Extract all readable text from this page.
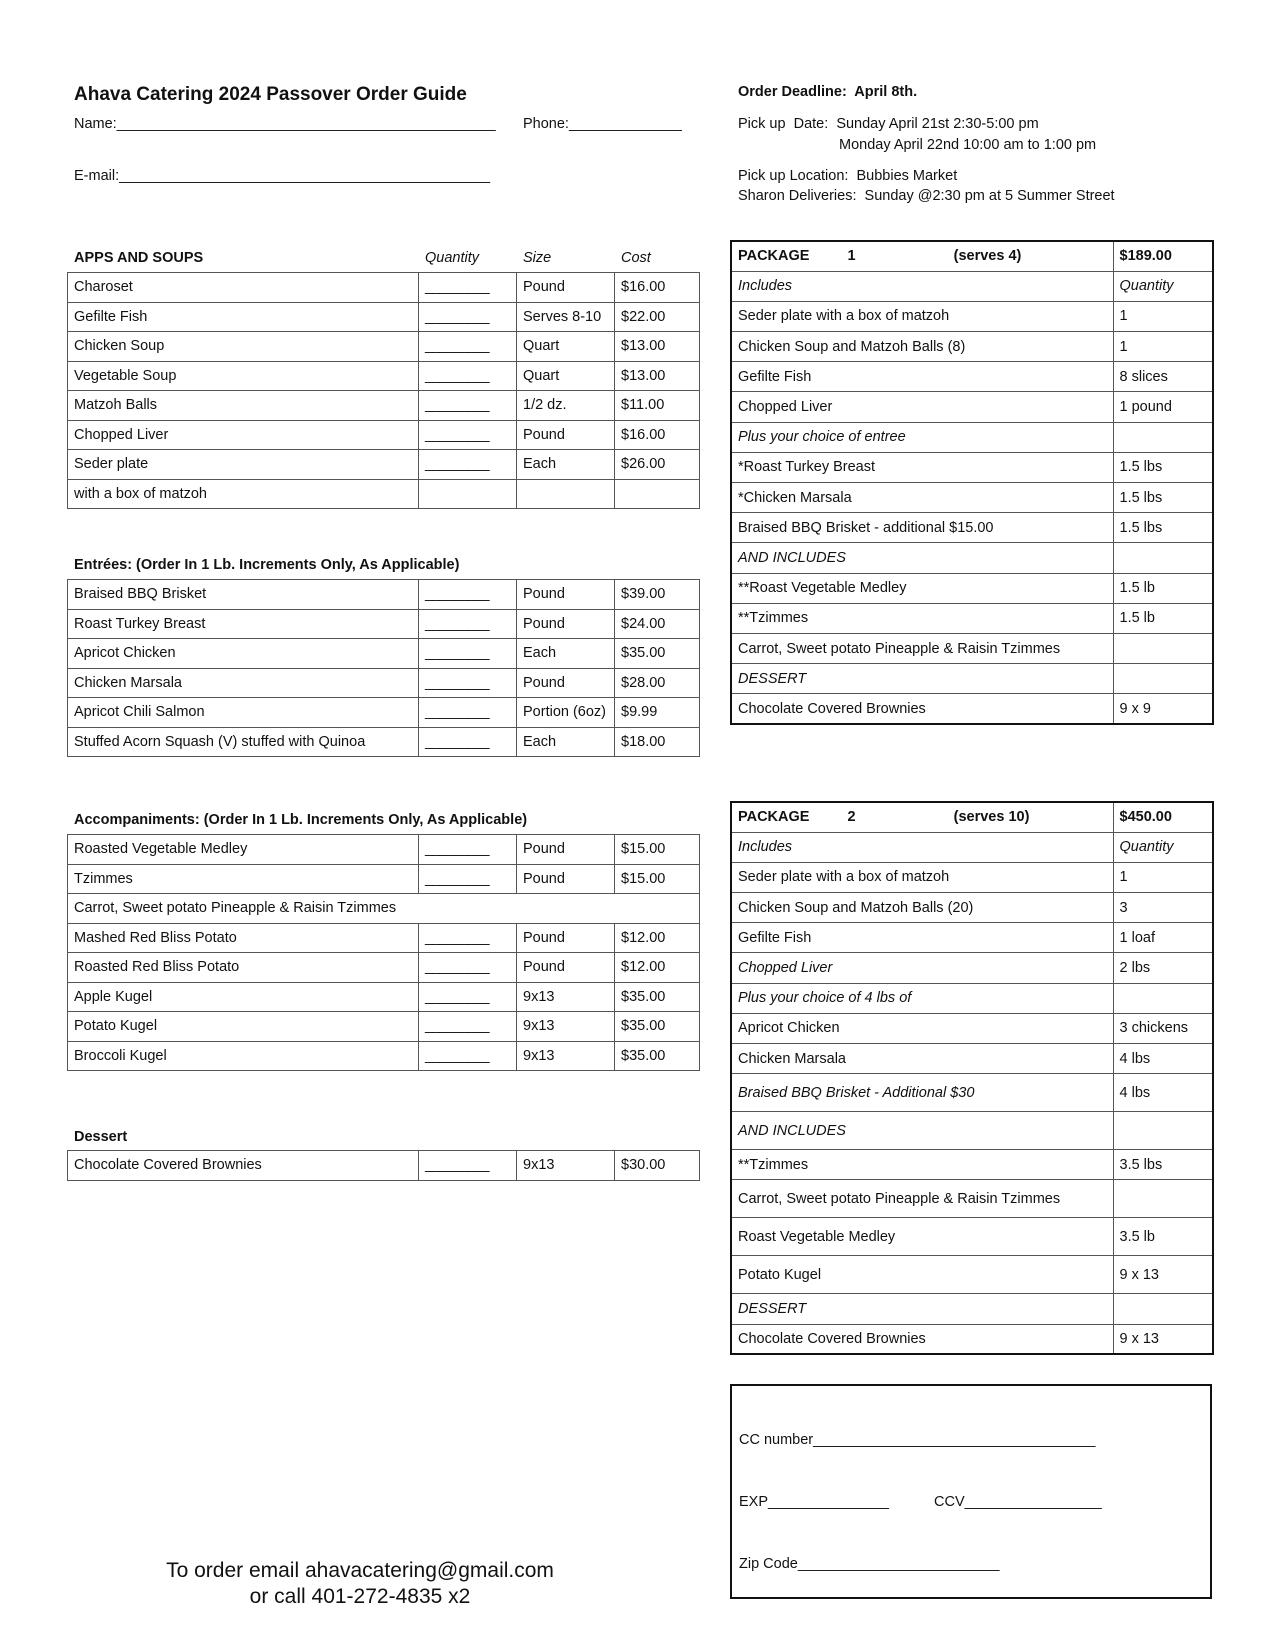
Ahava Catering 2024 Passover Order Guide
Name:_______________________________________________ Phone:______________
E-mail:______________________________________________
Order Deadline:  April 8th.
Pick up  Date:  Sunday April 21st 2:30-5:00 pm
Monday April 22nd 10:00 am to 1:00 pm
Pick up Location:  Bubbies Market
Sharon Deliveries:  Sunday @2:30 pm at 5 Summer Street
APPS AND SOUPS	Quantity	Size	Cost
Charoset	_________	Pound	$16.00
Gefilte Fish	_________	Serves 8-10	$22.00
Chicken Soup	_________	Quart	$13.00
Vegetable Soup	_________	Quart	$13.00
Matzoh Balls	_________	1/2 dz.	$11.00
Chopped Liver	_________	Pound	$16.00
Seder plate	_________	Each	$26.00
with a box of matzoh			
Entrées: (Order In 1 Lb. Increments Only, As Applicable)
Braised BBQ Brisket	_________	Pound	$39.00
Roast Turkey Breast	_________	Pound	$24.00
Apricot Chicken	_________	Each	$35.00
Chicken Marsala	_________	Pound	$28.00
Apricot Chili Salmon	_________	Portion (6oz)	$9.99
Stuffed Acorn Squash (V) stuffed with Quinoa	_________	Each	$18.00
Accompaniments: (Order In 1 Lb. Increments Only, As Applicable)
Roasted Vegetable Medley	_________	Pound	$15.00
Tzimmes	_________	Pound	$15.00
Carrot, Sweet potato Pineapple & Raisin Tzimmes			
Mashed Red Bliss Potato	_________	Pound	$12.00
Roasted Red Bliss Potato	_________	Pound	$12.00
Apple Kugel	_________	9x13	$35.00
Potato Kugel	_________	9x13	$35.00
Broccoli Kugel	_________	9x13	$35.00
Dessert
Chocolate Covered Brownies	_________	9x13	$30.00
PACKAGE 1 (serves 4)	$189.00
Includes	Quantity
Seder plate with a box of matzoh	1
Chicken Soup and Matzoh Balls (8)	1
Gefilte Fish	8 slices
Chopped Liver	1 pound
Plus your choice of entree	
*Roast Turkey Breast	1.5 lbs
*Chicken Marsala	1.5 lbs
Braised BBQ Brisket - additional $15.00	1.5 lbs
AND INCLUDES	
**Roast Vegetable Medley	1.5 lb
**Tzimmes	1.5 lb
Carrot, Sweet potato Pineapple & Raisin Tzimmes	
DESSERT	
Chocolate Covered Brownies	9 x 9
PACKAGE 2 (serves 10)	$450.00
Includes	Quantity
Seder plate with a box of matzoh	1
Chicken Soup and Matzoh Balls (20)	3
Gefilte Fish	1 loaf
Chopped Liver	2 lbs
Plus your choice of 4 lbs of	
Apricot Chicken	3 chickens
Chicken Marsala	4 lbs
Braised BBQ Brisket - Additional $30	4 lbs
AND INCLUDES	
**Tzimmes	3.5 lbs
Carrot, Sweet potato Pineapple & Raisin Tzimmes	
Roast Vegetable Medley	3.5 lb
Potato Kugel	9 x 13
DESSERT	
Chocolate Covered Brownies	9 x 13
CC number___________________________________
EXP_______________	CCV_________________
Zip Code_________________________
To order email ahavacatering@gmail.com
or call 401-272-4835 x2
